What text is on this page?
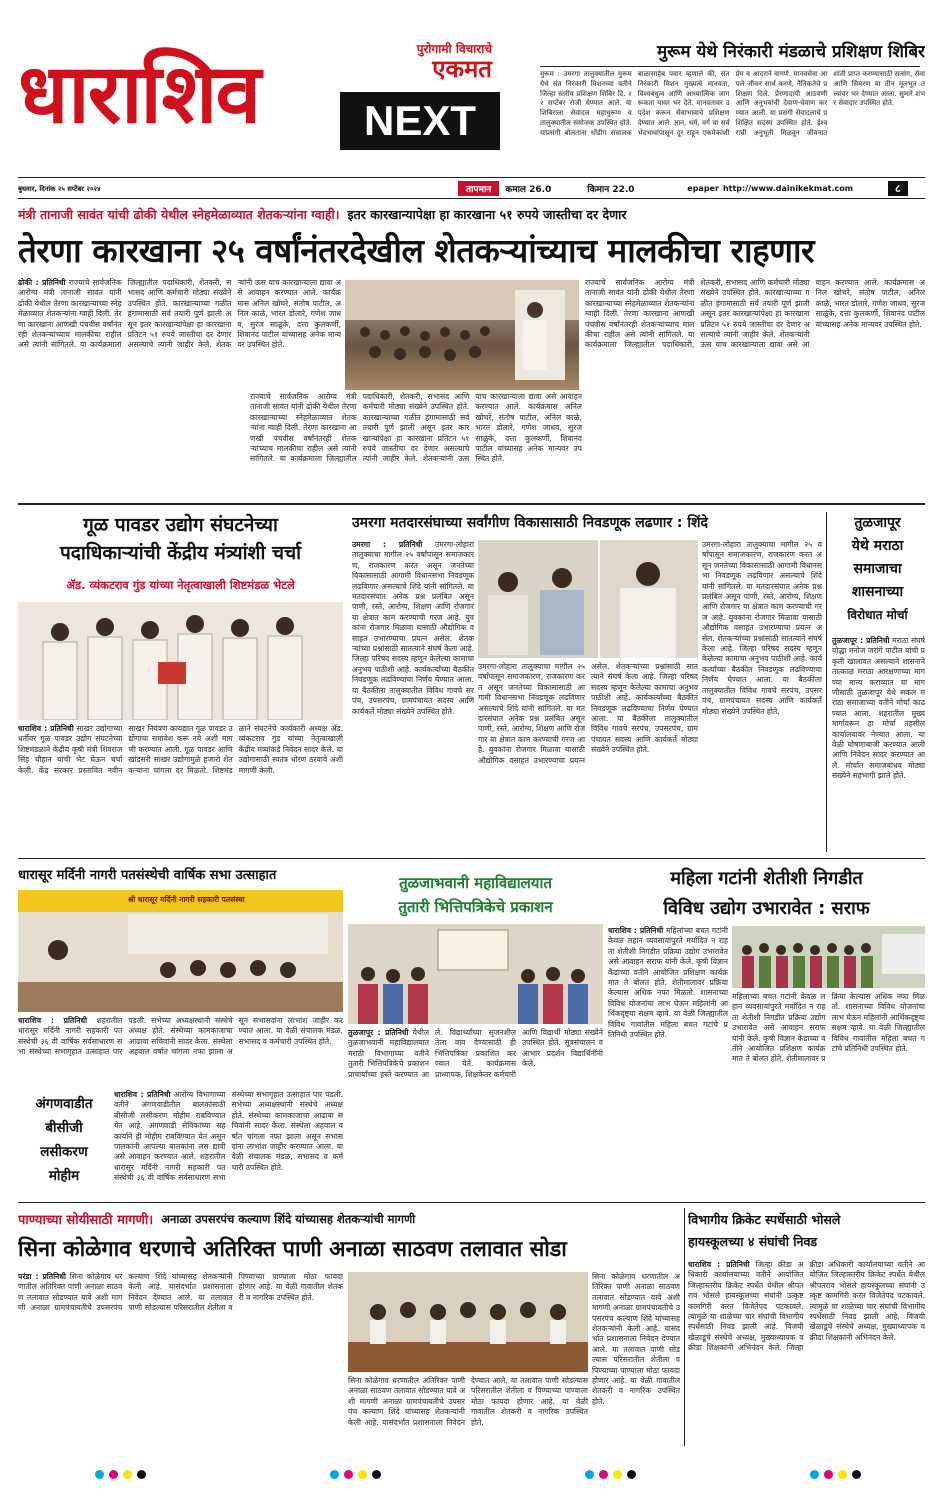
धाराशिव	पुरोगामी विचाराचे
एकमत
NEXT
मुरूम येथे निरंकारी मंडळाचे प्रशिक्षण शिबिर
मुरूम : उमरगा तालुक्यातील मुरूम येथे संत निरंकारी मिशनच्या वतीने जिल्हा स्तरीय प्रशिक्षण शिबिर दि. २२ सप्टेंबर रोजी घेण्यात आले. या शिबिराला सेवादल महाधुरूण व तालुक्यातील संयोजक उपस्थित होते. याप्रसंगी बोलताना धोंडीग संचालक बाळासाहेब पवार म्हणाले की, संत निरंकारी मिशन मुख्यत्वे मानवता, विश्वबंधुत्व आणि आध्यात्मिक जागरूकता यावर भर देते. मानवतावर उपदेश करून सेवाभावाचे प्रशिक्षण देण्यात आले. ज्ञान, धर्म, वर्ग या सर्व भेदभावांपासून दूर राहून एकमेकांशी प्रेम व आदराने वागणे. मानवसेवा आपले जीवन सार्थ करणे, नैतिकतेचे प्रशिक्षण दिले. प्रेरणादायी आठवणी आणि अनुभवांची देवाण-घेवाण करण्यात आली. या प्रसंगी सेवादलाचे प्रशिक्षित सदस्य उपस्थित होते. ईश्वराची अनुभूती मिळवून जीवनात शांती प्राप्त करण्यासाठी सत्संग, सेवा आणि सिमरण या तीन मूलभूत तत्त्वांवर भर देण्यात आला. सुमारे शंभर सेवादार उपस्थित होते.
बुधवार, दिनांक २५ सप्टेंबर २०२४	तापमान	कमाल 26.0	किमान 22.0	epaper http://www.dainikekmat.com	८
मंत्री तानाजी सावंत यांची ढोकी येथील स्नेहमेळाव्यात शेतकऱ्यांना ग्वाही। इतर कारखान्यापेक्षा हा कारखाना ५१ रुपये जास्तीचा दर देणार
तेरणा कारखाना २५ वर्षांनंतरदेखील शेतकऱ्यांच्याच मालकीचा राहणार
ढोकी : प्रतिनिधी राज्याचे सार्वजनिक आरोग्य मंत्री तानाजी सावंत यांनी ढोकी येथील तेरणा कारखान्याच्या स्नेहमेळाव्यात शेतकऱ्यांना ग्वाही दिली. तेरणा कारखाना आणखी पंचवीस वर्षांनंतरही शेतकऱ्यांच्याच मालकीचा राहील असे त्यांनी सांगितले. या कार्यक्रमाला जिल्ह्यातील पदाधिकारी, शेतकरी, सभासद आणि कर्मचारी मोठ्या संख्येने उपस्थित होते. कारखान्याच्या गळीत हंगामासाठी सर्व तयारी पूर्ण झाली असून इतर कारखान्यांपेक्षा हा कारखाना प्रतिटन ५१ रुपये जास्तीचा दर देणार असल्याचे त्यांनी जाहीर केले. शेतकऱ्यांनी ऊस याच कारखान्याला द्यावा असे आवाहन करण्यात आले. कार्यक्रमास अनिल खोचरे, संतोष पाटील, अनिल काळे, भारत डोलारे, गणेश जाधव, सुरज साळुंके, दत्ता कुलकर्णी, शिवानंद पाटील यांच्यासह अनेक मान्यवर उपस्थित होते.
राज्याचे सार्वजनिक आरोग्य मंत्री तानाजी सावंत यांनी ढोकी येथील तेरणा कारखान्याच्या स्नेहमेळाव्यात शेतकऱ्यांना ग्वाही दिली. तेरणा कारखाना आणखी पंचवीस वर्षांनंतरही शेतकऱ्यांच्याच मालकीचा राहील असे त्यांनी सांगितले. या कार्यक्रमाला जिल्ह्यातील पदाधिकारी, शेतकरी, सभासद आणि कर्मचारी मोठ्या संख्येने उपस्थित होते. कारखान्याच्या गळीत हंगामासाठी सर्व तयारी पूर्ण झाली असून इतर कारखान्यांपेक्षा हा कारखाना प्रतिटन ५१ रुपये जास्तीचा दर देणार असल्याचे त्यांनी जाहीर केले. शेतकऱ्यांनी ऊस याच कारखान्याला द्यावा असे आवाहन करण्यात आले. कार्यक्रमास अनिल खोचरे, संतोष पाटील, अनिल काळे, भारत डोलारे, गणेश जाधव, सुरज साळुंके, दत्ता कुलकर्णी, शिवानंद पाटील यांच्यासह अनेक मान्यवर उपस्थित होते.
राज्याचे सार्वजनिक आरोग्य मंत्री तानाजी सावंत यांनी ढोकी येथील तेरणा कारखान्याच्या स्नेहमेळाव्यात शेतकऱ्यांना ग्वाही दिली. तेरणा कारखाना आणखी पंचवीस वर्षांनंतरही शेतकऱ्यांच्याच मालकीचा राहील असे त्यांनी सांगितले. या कार्यक्रमाला जिल्ह्यातील पदाधिकारी, शेतकरी, सभासद आणि कर्मचारी मोठ्या संख्येने उपस्थित होते. कारखान्याच्या गळीत हंगामासाठी सर्व तयारी पूर्ण झाली असून इतर कारखान्यांपेक्षा हा कारखाना प्रतिटन ५१ रुपये जास्तीचा दर देणार असल्याचे त्यांनी जाहीर केले. शेतकऱ्यांनी ऊस याच कारखान्याला द्यावा असे आवाहन करण्यात आले. कार्यक्रमास अनिल खोचरे, संतोष पाटील, अनिल काळे, भारत डोलारे, गणेश जाधव, सुरज साळुंके, दत्ता कुलकर्णी, शिवानंद पाटील यांच्यासह अनेक मान्यवर उपस्थित होते.
गूळ पावडर उद्योग संघटनेच्या
पदाधिकाऱ्यांची केंद्रीय मंत्र्यांशी चर्चा
ॲड. व्यंकटराव गुंड यांच्या नेतृत्वाखाली शिष्टमंडळ भेटले
धाराशिव : प्रतिनिधी साखर उद्योगाच्या धर्तीवर गूळ पावडर उद्योग संघटनेच्या शिष्टमंडळाने केंद्रीय कृषी मंत्री शिवराजसिंह चौहान यांची भेट घेऊन चर्चा केली. केंद्र सरकार प्रस्तावित नवीन साखर नियंत्रण कायद्यात गूळ पावडर उद्योगाचा समावेश करू नये अशी मागणी करण्यात आली. गूळ पावडर आणि खांडसरी साखर उद्योगामुळे हजारो शेतकऱ्यांना चांगला दर मिळतो. शिष्टमंडळाने संघटनेचे कार्यकारी अध्यक्ष ॲड. व्यंकटराव गुंड यांच्या नेतृत्वाखाली केंद्रीय मंत्र्यांकडे निवेदन सादर केले. या उद्योगासाठी स्वतंत्र धोरण ठरवावे अशी मागणी केली.
उमरगा मतदारसंघाच्या सर्वांगीण विकासासाठी निवडणूक लढणार : शिंदे
उमरगा : प्रतिनिधी उमरगा-लोहारा तालुक्याचा मागील २५ वर्षांपासून समाजकारण, राजकारण करत असून जनतेच्या विकासासाठी आगामी विधानसभा निवडणूक लढविणार असल्याचे शिंदे यांनी सांगितले. या मतदारसंघात अनेक प्रश्न प्रलंबित असून पाणी, रस्ते, आरोग्य, शिक्षण आणि रोजगार या क्षेत्रात काम करण्याची गरज आहे. युवकांना रोजगार मिळावा यासाठी औद्योगिक वसाहत उभारण्याचा प्रयत्न असेल. शेतकऱ्यांच्या प्रश्नांसाठी सातत्याने संघर्ष केला आहे. जिल्हा परिषद सदस्य म्हणून केलेल्या कामाचा अनुभव पाठीशी आहे. कार्यकर्त्यांच्या बैठकीत निवडणूक लढविण्याचा निर्णय घेण्यात आला. या बैठकीला तालुक्यातील विविध गावचे सरपंच, उपसरपंच, ग्रामपंचायत सदस्य आणि कार्यकर्ते मोठ्या संख्येने उपस्थित होते.
उमरगा-लोहारा तालुक्याचा मागील २५ वर्षांपासून समाजकारण, राजकारण करत असून जनतेच्या विकासासाठी आगामी विधानसभा निवडणूक लढविणार असल्याचे शिंदे यांनी सांगितले. या मतदारसंघात अनेक प्रश्न प्रलंबित असून पाणी, रस्ते, आरोग्य, शिक्षण आणि रोजगार या क्षेत्रात काम करण्याची गरज आहे. युवकांना रोजगार मिळावा यासाठी औद्योगिक वसाहत उभारण्याचा प्रयत्न असेल. शेतकऱ्यांच्या प्रश्नांसाठी सातत्याने संघर्ष केला आहे. जिल्हा परिषद सदस्य म्हणून केलेल्या कामाचा अनुभव पाठीशी आहे. कार्यकर्त्यांच्या बैठकीत निवडणूक लढविण्याचा निर्णय घेण्यात आला. या बैठकीला तालुक्यातील विविध गावचे सरपंच, उपसरपंच, ग्रामपंचायत सदस्य आणि कार्यकर्ते मोठ्या संख्येने उपस्थित होते.
उमरगा-लोहारा तालुक्याचा मागील २५ वर्षांपासून समाजकारण, राजकारण करत असून जनतेच्या विकासासाठी आगामी विधानसभा निवडणूक लढविणार असल्याचे शिंदे यांनी सांगितले. या मतदारसंघात अनेक प्रश्न प्रलंबित असून पाणी, रस्ते, आरोग्य, शिक्षण आणि रोजगार या क्षेत्रात काम करण्याची गरज आहे. युवकांना रोजगार मिळावा यासाठी औद्योगिक वसाहत उभारण्याचा प्रयत्न असेल. शेतकऱ्यांच्या प्रश्नांसाठी सातत्याने संघर्ष केला आहे. जिल्हा परिषद सदस्य म्हणून केलेल्या कामाचा अनुभव पाठीशी आहे. कार्यकर्त्यांच्या बैठकीत निवडणूक लढविण्याचा निर्णय घेण्यात आला. या बैठकीला तालुक्यातील विविध गावचे सरपंच, उपसरपंच, ग्रामपंचायत सदस्य आणि कार्यकर्ते मोठ्या संख्येने उपस्थित होते.
तुळजापूर
येथे मराठा
समाजाचा
शासनाच्या
विरोधात मोर्चा
तुळजापूर : प्रतिनिधी मराठा संघर्ष योद्धा मनोज जरांगे पाटील यांची प्रकृती खालावत असल्याने शासनाने तात्काळ मराठा आरक्षणाच्या मागण्या मान्य कराव्यात या मागणीसाठी तुळजापूर येथे सकल मराठा समाजाच्या वतीने मोर्चा काढण्यात आला. शहरातील मुख्य मार्गावरून हा मोर्चा तहसील कार्यालयावर नेण्यात आला. या वेळी घोषणाबाजी करण्यात आली आणि निवेदन सादर करण्यात आले. मोर्चात समाजबांधव मोठ्या संख्येने सहभागी झाले होते.
धारासूर मर्दिनी नागरी पतसंस्थेची वार्षिक सभा उत्साहात
श्री धारासूर मर्दिनी नागरी सहकारी पतसंस्था
धाराशिव : प्रतिनिधी शहरातील धारासूर मर्दिनी नागरी सहकारी पतसंस्थेची ३६ वी वार्षिक सर्वसाधारण सभा संस्थेच्या सभागृहात उत्साहात पार पडली. सभेच्या अध्यक्षस्थानी संस्थेचे अध्यक्ष होते. संस्थेच्या कामकाजाचा आढावा सचिवांनी सादर केला. संस्थेला अहवाल वर्षात चांगला नफा झाला असून सभासदांना लाभांश जाहीर करण्यात आला. या वेळी संचालक मंडळ, सभासद व कर्मचारी उपस्थित होते.
अंगणवाडीत
बीसीजी
लसीकरण
मोहीम
धाराशिव : प्रतिनिधी आरोग्य विभागाच्या वतीने अंगणवाडीतील बालकांसाठी बीसीजी लसीकरण मोहीम राबविण्यात येत आहे. अंगणवाडी सेविकांच्या सहकार्याने ही मोहीम राबविण्यात येत असून पालकांनी आपल्या बालकांना लस द्यावी असे आवाहन करण्यात आले. शहरातील धारासूर मर्दिनी नागरी सहकारी पतसंस्थेची ३६ वी वार्षिक सर्वसाधारण सभा संस्थेच्या सभागृहात उत्साहात पार पडली. सभेच्या अध्यक्षस्थानी संस्थेचे अध्यक्ष होते. संस्थेच्या कामकाजाचा आढावा सचिवांनी सादर केला. संस्थेला अहवाल वर्षात चांगला नफा झाला असून सभासदांना लाभांश जाहीर करण्यात आला. या वेळी संचालक मंडळ, सभासद व कर्मचारी उपस्थित होते.
तुळजाभवानी महाविद्यालयात
तुतारी भित्तिपत्रिकेचे प्रकाशन
तुळजापूर : प्रतिनिधी येथील तुळजाभवानी महाविद्यालयात मराठी विभागाच्या वतीने तुतारी भित्तिपत्रिकेचे प्रकाशन प्राचार्यांच्या हस्ते करण्यात आले. विद्यार्थ्यांच्या सृजनशीलतेला वाव देण्यासाठी ही भित्तिपत्रिका प्रकाशित करण्यात येते. कार्यक्रमास प्राध्यापक, शिक्षकेतर कर्मचारी आणि विद्यार्थी मोठ्या संख्येने उपस्थित होते. सूत्रसंचालन व आभार प्रदर्शन विद्यार्थिनींनी केले.
महिला गटांनी शेतीशी निगडीत
विविध उद्योग उभारावेत : सराफ
धाराशिव : प्रतिनिधी महिलांच्या बचत गटांनी केवळ लहान व्यवसायांपुरते मर्यादित न राहता शेतीशी निगडीत प्रक्रिया उद्योग उभारावेत असे आवाहन सराफ यांनी केले. कृषी विज्ञान केंद्राच्या वतीने आयोजित प्रशिक्षण कार्यक्रमात ते बोलत होते. शेतीमालावर प्रक्रिया केल्यास अधिक नफा मिळतो. शासनाच्या विविध योजनांचा लाभ घेऊन महिलांनी आर्थिकदृष्ट्या सक्षम व्हावे. या वेळी जिल्ह्यातील विविध गावांतील महिला बचत गटांचे प्रतिनिधी उपस्थित होते.
महिलांच्या बचत गटांनी केवळ लहान व्यवसायांपुरते मर्यादित न राहता शेतीशी निगडीत प्रक्रिया उद्योग उभारावेत असे आवाहन सराफ यांनी केले. कृषी विज्ञान केंद्राच्या वतीने आयोजित प्रशिक्षण कार्यक्रमात ते बोलत होते. शेतीमालावर प्रक्रिया केल्यास अधिक नफा मिळतो. शासनाच्या विविध योजनांचा लाभ घेऊन महिलांनी आर्थिकदृष्ट्या सक्षम व्हावे. या वेळी जिल्ह्यातील विविध गावांतील महिला बचत गटांचे प्रतिनिधी उपस्थित होते.
पाण्याच्या सोयीसाठी मागणी। अनाळा उपसरपंच कल्याण शिंदे यांच्यासह शेतकऱ्यांची मागणी
सिना कोळेगाव धरणाचे अतिरिक्त पाणी अनाळा साठवण तलावात सोडा
परंडा : प्रतिनिधी सिना कोळेगाव धरणातील अतिरिक्त पाणी अनाळा साठवण तलावात सोडण्यात यावे अशी मागणी अनाळा ग्रामपंचायतीचे उपसरपंच कल्याण शिंदे यांच्यासह शेतकऱ्यांनी केली आहे. यासंदर्भात प्रशासनाला निवेदन देण्यात आले. या तलावात पाणी सोडल्यास परिसरातील शेतीला व पिण्याच्या पाण्याला मोठा फायदा होणार आहे. या वेळी गावातील शेतकरी व नागरिक उपस्थित होते.
सिना कोळेगाव धरणातील अतिरिक्त पाणी अनाळा साठवण तलावात सोडण्यात यावे अशी मागणी अनाळा ग्रामपंचायतीचे उपसरपंच कल्याण शिंदे यांच्यासह शेतकऱ्यांनी केली आहे. यासंदर्भात प्रशासनाला निवेदन देण्यात आले. या तलावात पाणी सोडल्यास परिसरातील शेतीला व पिण्याच्या पाण्याला मोठा फायदा होणार आहे. या वेळी गावातील शेतकरी व नागरिक उपस्थित होते.
सिना कोळेगाव धरणातील अतिरिक्त पाणी अनाळा साठवण तलावात सोडण्यात यावे अशी मागणी अनाळा ग्रामपंचायतीचे उपसरपंच कल्याण शिंदे यांच्यासह शेतकऱ्यांनी केली आहे. यासंदर्भात प्रशासनाला निवेदन देण्यात आले. या तलावात पाणी सोडल्यास परिसरातील शेतीला व पिण्याच्या पाण्याला मोठा फायदा होणार आहे. या वेळी गावातील शेतकरी व नागरिक उपस्थित होते.
विभागीय क्रिकेट स्पर्धेसाठी भोसले
हायस्कूलच्या ४ संघांची निवड
धाराशिव : प्रतिनिधी जिल्हा क्रीडा अधिकारी कार्यालयाच्या वतीने आयोजित जिल्हास्तरीय क्रिकेट स्पर्धेत येथील श्रीपतराव भोसले हायस्कूलच्या संघांनी उत्कृष्ट कामगिरी करत विजेतेपद पटकावले. त्यामुळे या शाळेच्या चार संघांची विभागीय स्पर्धेसाठी निवड झाली आहे. विजयी खेळाडूंचे संस्थेचे अध्यक्ष, मुख्याध्यापक व क्रीडा शिक्षकांनी अभिनंदन केले. जिल्हा क्रीडा अधिकारी कार्यालयाच्या वतीने आयोजित जिल्हास्तरीय क्रिकेट स्पर्धेत येथील श्रीपतराव भोसले हायस्कूलच्या संघांनी उत्कृष्ट कामगिरी करत विजेतेपद पटकावले. त्यामुळे या शाळेच्या चार संघांची विभागीय स्पर्धेसाठी निवड झाली आहे. विजयी खेळाडूंचे संस्थेचे अध्यक्ष, मुख्याध्यापक व क्रीडा शिक्षकांनी अभिनंदन केले.
